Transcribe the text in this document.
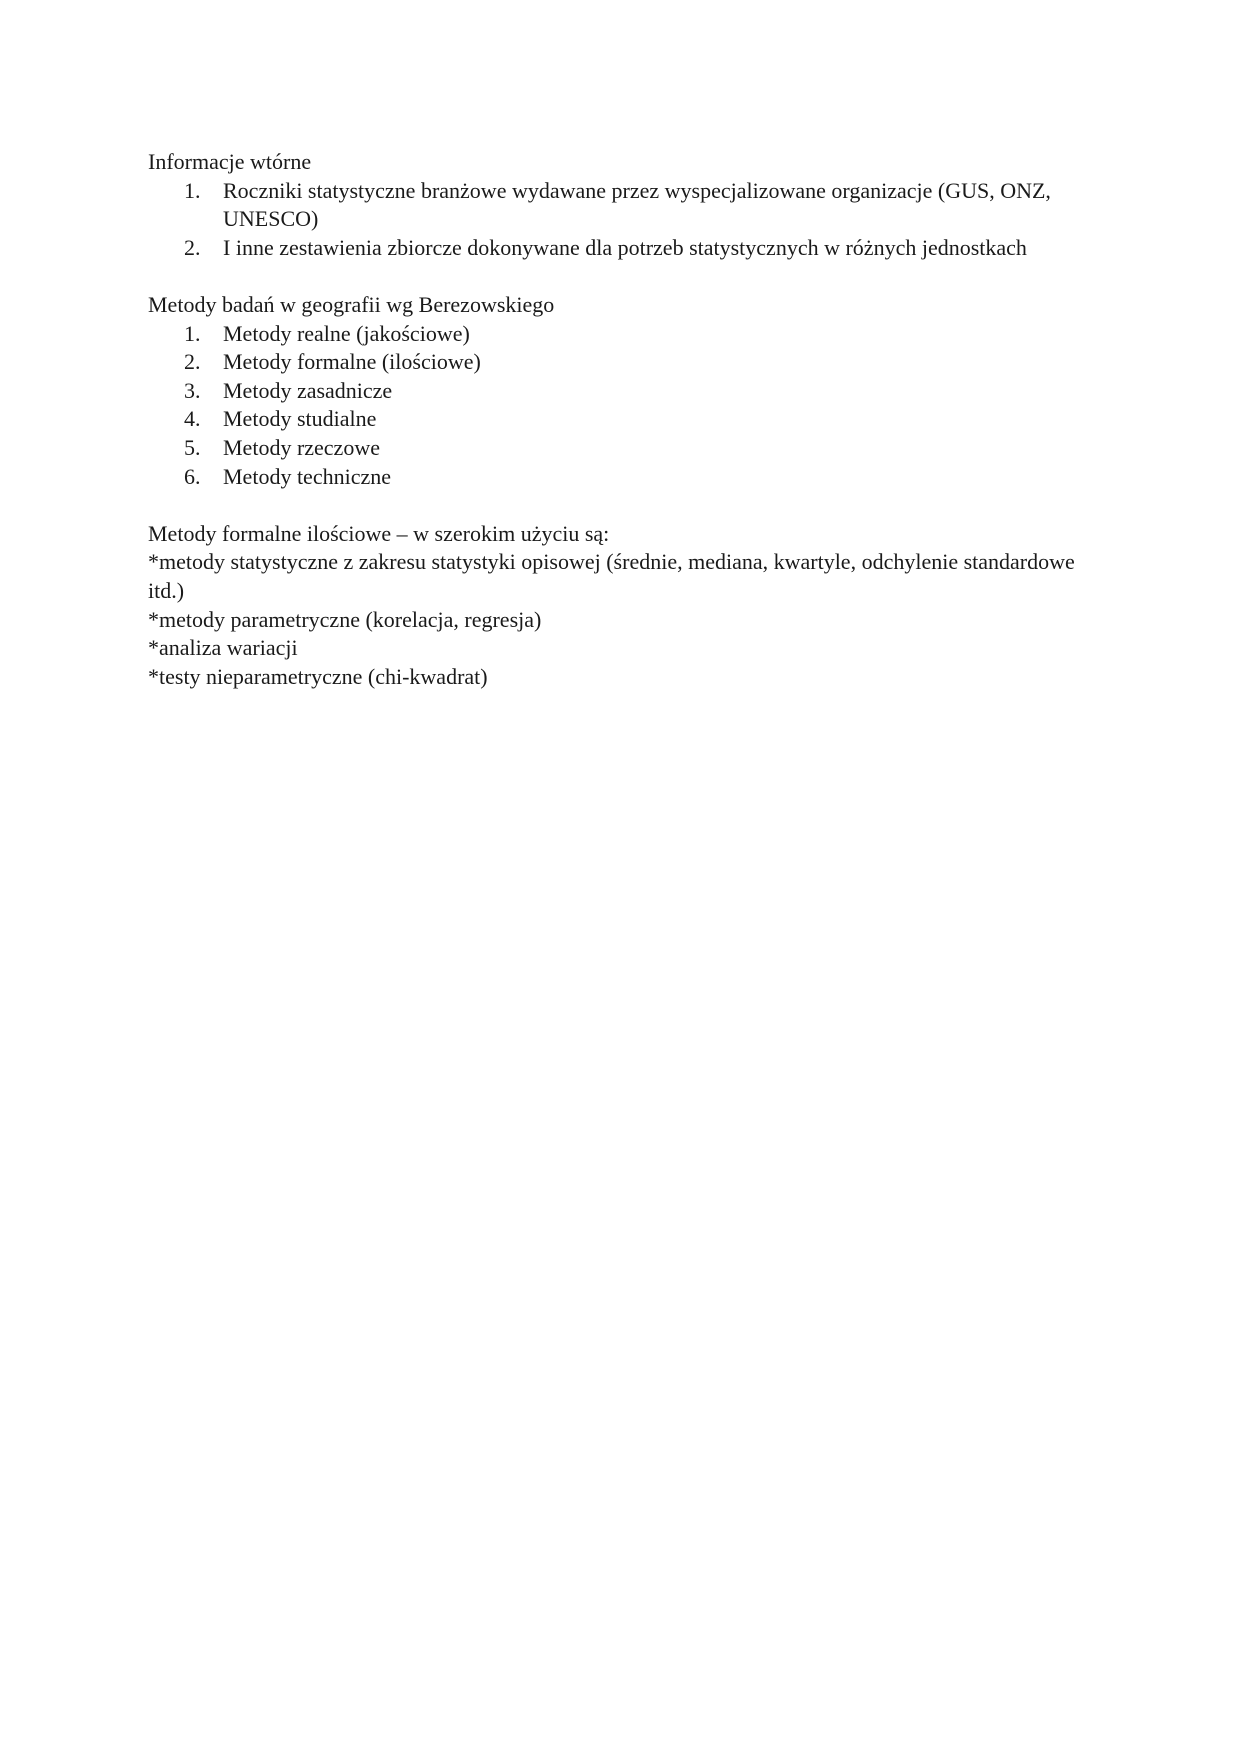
Informacje wtórne

1. Roczniki statystyczne branżowe wydawane przez wyspecjalizowane organizacje (GUS, ONZ, UNESCO)
2. I inne zestawienia zbiorcze dokonywane dla potrzeb statystycznych w różnych jednostkach

Metody badań w geografii wg Berezowskiego

1. Metody realne (jakościowe)
2. Metody formalne (ilościowe)
3. Metody zasadnicze
4. Metody studialne
5. Metody rzeczowe
6. Metody techniczne

Metody formalne ilościowe – w szerokim użyciu są:

*metody statystyczne z zakresu statystyki opisowej (średnie, mediana, kwartyle, odchylenie standardowe itd.)

*metody parametryczne (korelacja, regresja)

*analiza wariacji

*testy nieparametryczne (chi-kwadrat)
